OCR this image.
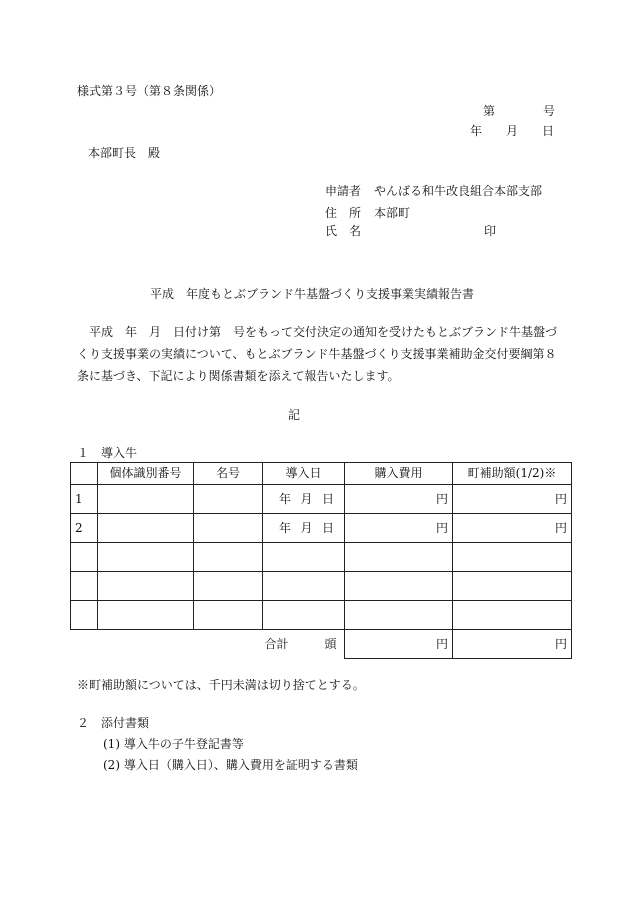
様式第３号（第８条関係）
第　　　　号
年　　月　　日
本部町長　殿
申請者 やんばる和牛改良組合本部支部
住　所 本部町
氏　名	印
平成　年度もとぶブランド牛基盤づくり支援事業実績報告書
平成　年　月　日付け第　号をもって交付決定の通知を受けたもとぶブランド牛基盤づくり支援事業の実績について、もとぶブランド牛基盤づくり支援事業補助金交付要綱第８条に基づき、下記により関係書類を添えて報告いたします。
記
１　導入牛
	個体識別番号	名号	導入日	購入費用	町補助額(1/2)※
1			年 月 日	円	円
2			年 月 日	円	円

			合計　　　頭	円	円
※町補助額については、千円未満は切り捨てとする。
２　添付書類
(1) 導入牛の子牛登記書等
(2) 導入日（購入日）、購入費用を証明する書類
